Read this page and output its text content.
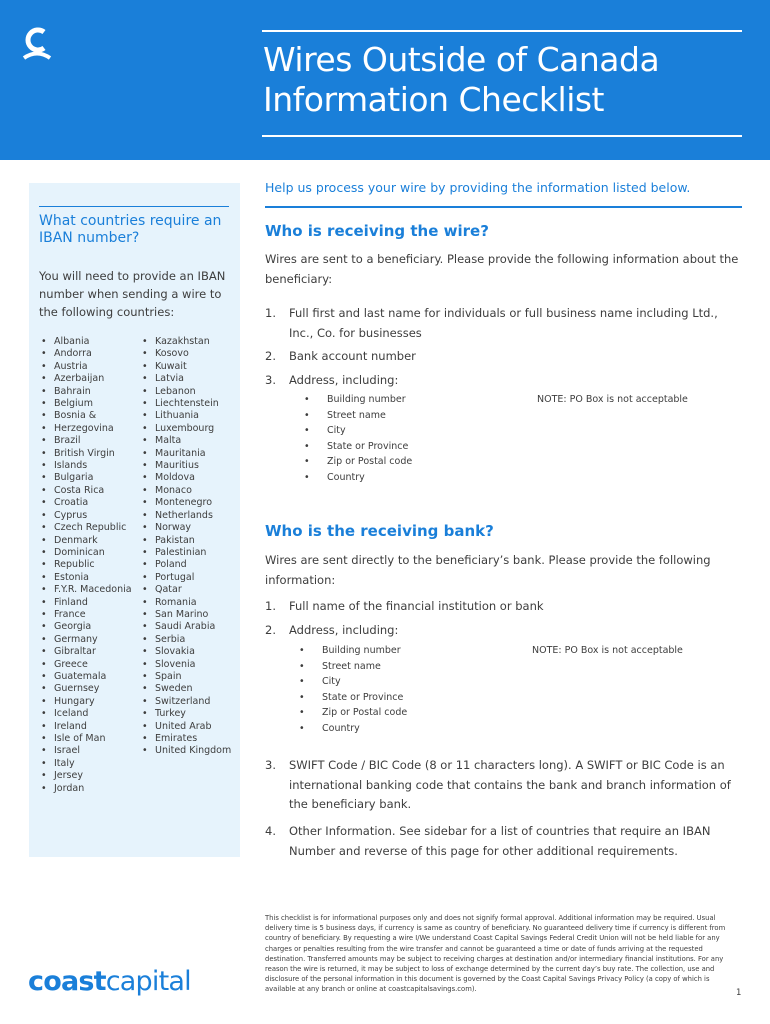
Wires Outside of Canada
Information Checklist
What countries require an IBAN number?
You will need to provide an IBAN number when sending a wire to the following countries:
• Albania
• Andorra
• Austria
• Azerbaijan
• Bahrain
• Belgium
• Bosnia &
• Herzegovina
• Brazil
• British Virgin
• Islands
• Bulgaria
• Costa Rica
• Croatia
• Cyprus
• Czech Republic
• Denmark
• Dominican
• Republic
• Estonia
• F.Y.R. Macedonia
• Finland
• France
• Georgia
• Germany
• Gibraltar
• Greece
• Guatemala
• Guernsey
• Hungary
• Iceland
• Ireland
• Isle of Man
• Israel
• Italy
• Jersey
• Jordan
• Kazakhstan
• Kosovo
• Kuwait
• Latvia
• Lebanon
• Liechtenstein
• Lithuania
• Luxembourg
• Malta
• Mauritania
• Mauritius
• Moldova
• Monaco
• Montenegro
• Netherlands
• Norway
• Pakistan
• Palestinian
• Poland
• Portugal
• Qatar
• Romania
• San Marino
• Saudi Arabia
• Serbia
• Slovakia
• Slovenia
• Spain
• Sweden
• Switzerland
• Turkey
• United Arab
• Emirates
• United Kingdom
Help us process your wire by providing the information listed below.
Who is receiving the wire?
Wires are sent to a beneficiary. Please provide the following information about the beneficiary:
1. Full first and last name for individuals or full business name including Ltd., Inc., Co. for businesses
2. Bank account number
3. Address, including:
• Building number
• Street name
• City
• State or Province
• Zip or Postal code
• Country
NOTE: PO Box is not acceptable
Who is the receiving bank?
Wires are sent directly to the beneficiary’s bank. Please provide the following information:
1. Full name of the financial institution or bank
2. Address, including:
• Building number
• Street name
• City
• State or Province
• Zip or Postal code
• Country
NOTE: PO Box is not acceptable
3. SWIFT Code / BIC Code (8 or 11 characters long). A SWIFT or BIC Code is an international banking code that contains the bank and branch information of the beneficiary bank.
4. Other Information. See sidebar for a list of countries that require an IBAN Number and reverse of this page for other additional requirements.
This checklist is for informational purposes only and does not signify formal approval. Additional information may be required. Usual delivery time is 5 business days, if currency is same as country of beneficiary. No guaranteed delivery time if currency is different from country of beneficiary. By requesting a wire I/We understand Coast Capital Savings Federal Credit Union will not be held liable for any charges or penalties resulting from the wire transfer and cannot be guaranteed a time or date of funds arriving at the requested destination. Transferred amounts may be subject to receiving charges at destination and/or intermediary financial institutions. For any reason the wire is returned, it may be subject to loss of exchange determined by the current day’s buy rate. The collection, use and disclosure of the personal information in this document is governed by the Coast Capital Savings Privacy Policy (a copy of which is available at any branch or online at coastcapitalsavings.com).
coastcapital	1
